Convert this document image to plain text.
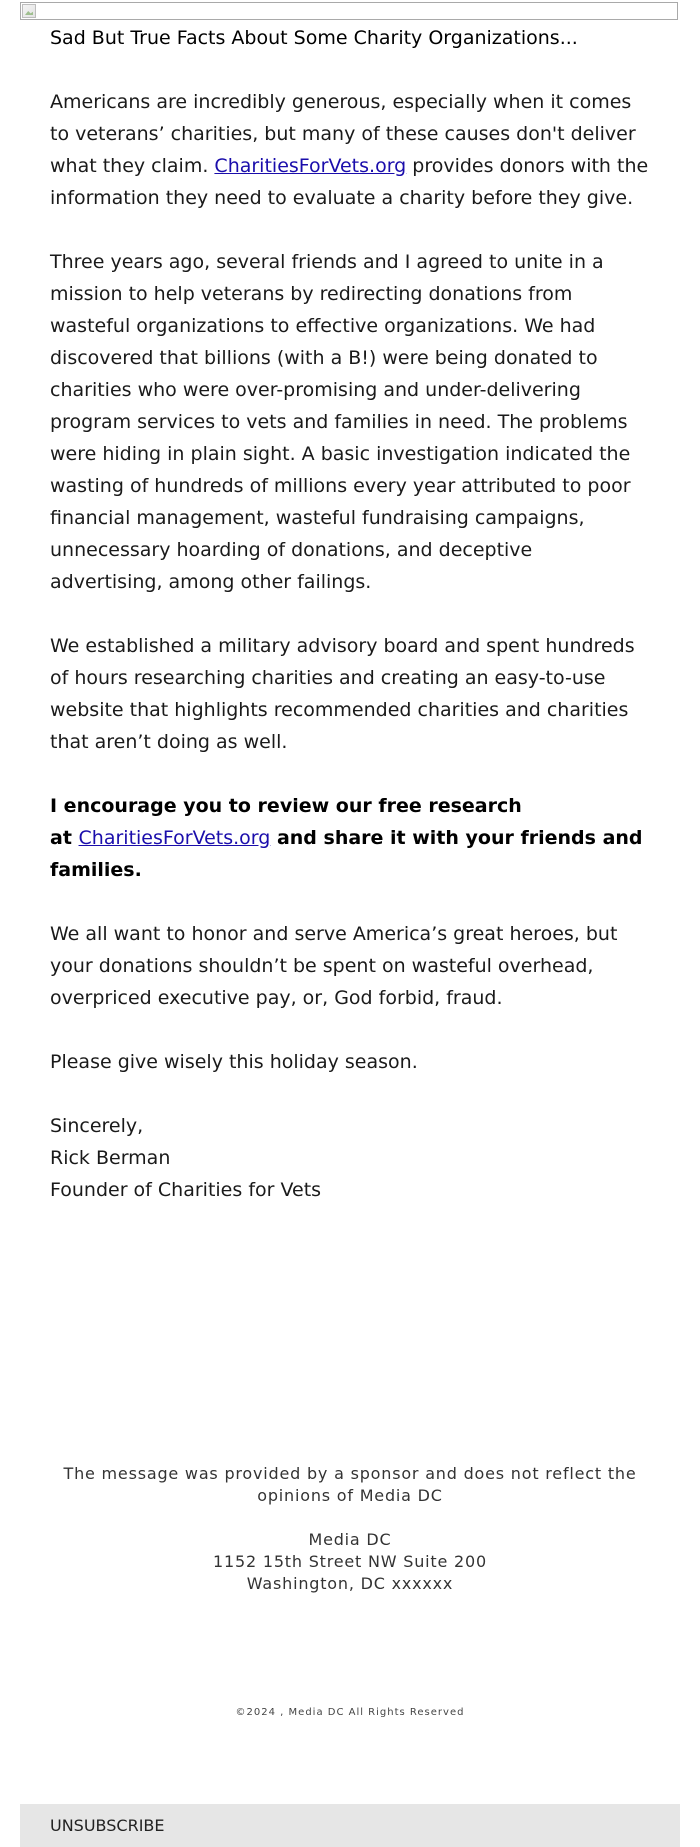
Sad But True Facts About Some Charity Organizations...

Americans are incredibly generous, especially when it comes to veterans’ charities, but many of these causes don't deliver what they claim. CharitiesForVets.org provides donors with the information they need to evaluate a charity before they give.

Three years ago, several friends and I agreed to unite in a mission to help veterans by redirecting donations from wasteful organizations to effective organizations. We had discovered that billions (with a B!) were being donated to charities who were over-promising and under-delivering program services to vets and families in need. The problems were hiding in plain sight. A basic investigation indicated the wasting of hundreds of millions every year attributed to poor financial management, wasteful fundraising campaigns, unnecessary hoarding of donations, and deceptive advertising, among other failings.

We established a military advisory board and spent hundreds of hours researching charities and creating an easy-to-use website that highlights recommended charities and charities that aren’t doing as well.

I encourage you to review our free research
at CharitiesForVets.org and share it with your friends and families.

We all want to honor and serve America’s great heroes, but your donations shouldn’t be spent on wasteful overhead, overpriced executive pay, or, God forbid, fraud.

Please give wisely this holiday season.

Sincerely,
Rick Berman
Founder of Charities for Vets

The message was provided by a sponsor and does not reflect the opinions of Media DC
Media DC
1152 15th Street NW Suite 200
Washington, DC xxxxxx
©2024 , Media DC All Rights Reserved
UNSUBSCRIBE
